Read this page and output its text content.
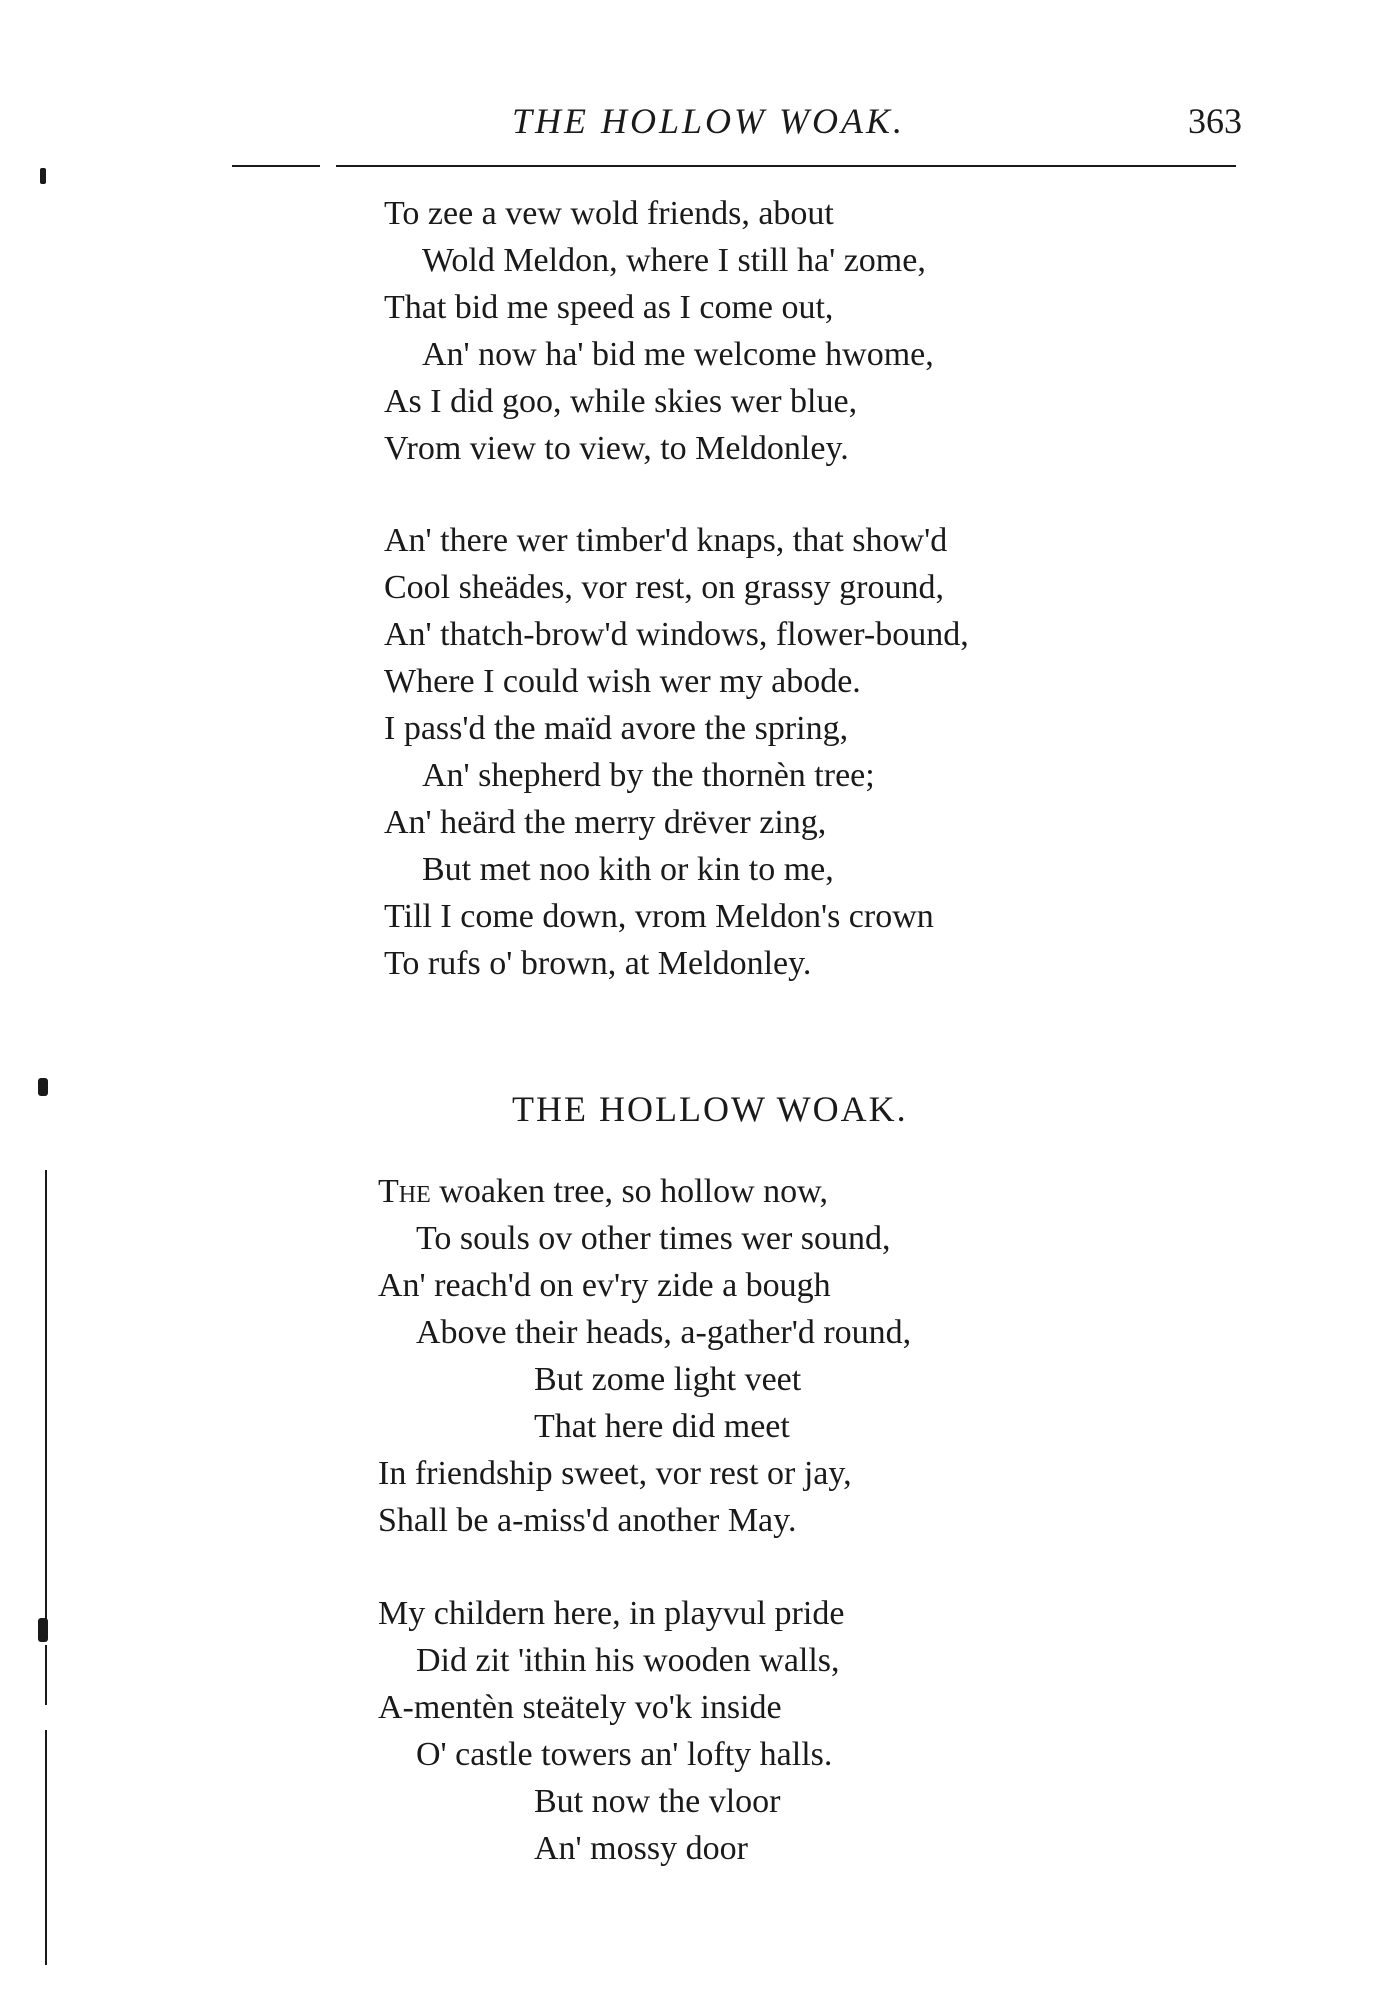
THE HOLLOW WOAK.	363
To zee a vew wold friends, about
Wold Meldon, where I still ha' zome,
That bid me speed as I come out,
An' now ha' bid me welcome hwome,
As I did goo, while skies wer blue,
Vrom view to view, to Meldonley.
An' there wer timber'd knaps, that show'd
Cool sheädes, vor rest, on grassy ground,
An' thatch-brow'd windows, flower-bound,
Where I could wish wer my abode.
I pass'd the maïd avore the spring,
An' shepherd by the thornèn tree;
An' heärd the merry drëver zing,
But met noo kith or kin to me,
Till I come down, vrom Meldon's crown
To rufs o' brown, at Meldonley.
THE HOLLOW WOAK.
The woaken tree, so hollow now,
To souls ov other times wer sound,
An' reach'd on ev'ry zide a bough
Above their heads, a-gather'd round,
But zome light veet
That here did meet
In friendship sweet, vor rest or jay,
Shall be a-miss'd another May.
My childern here, in playvul pride
Did zit 'ithin his wooden walls,
A-mentèn steätely vo'k inside
O' castle towers an' lofty halls.
But now the vloor
An' mossy door
